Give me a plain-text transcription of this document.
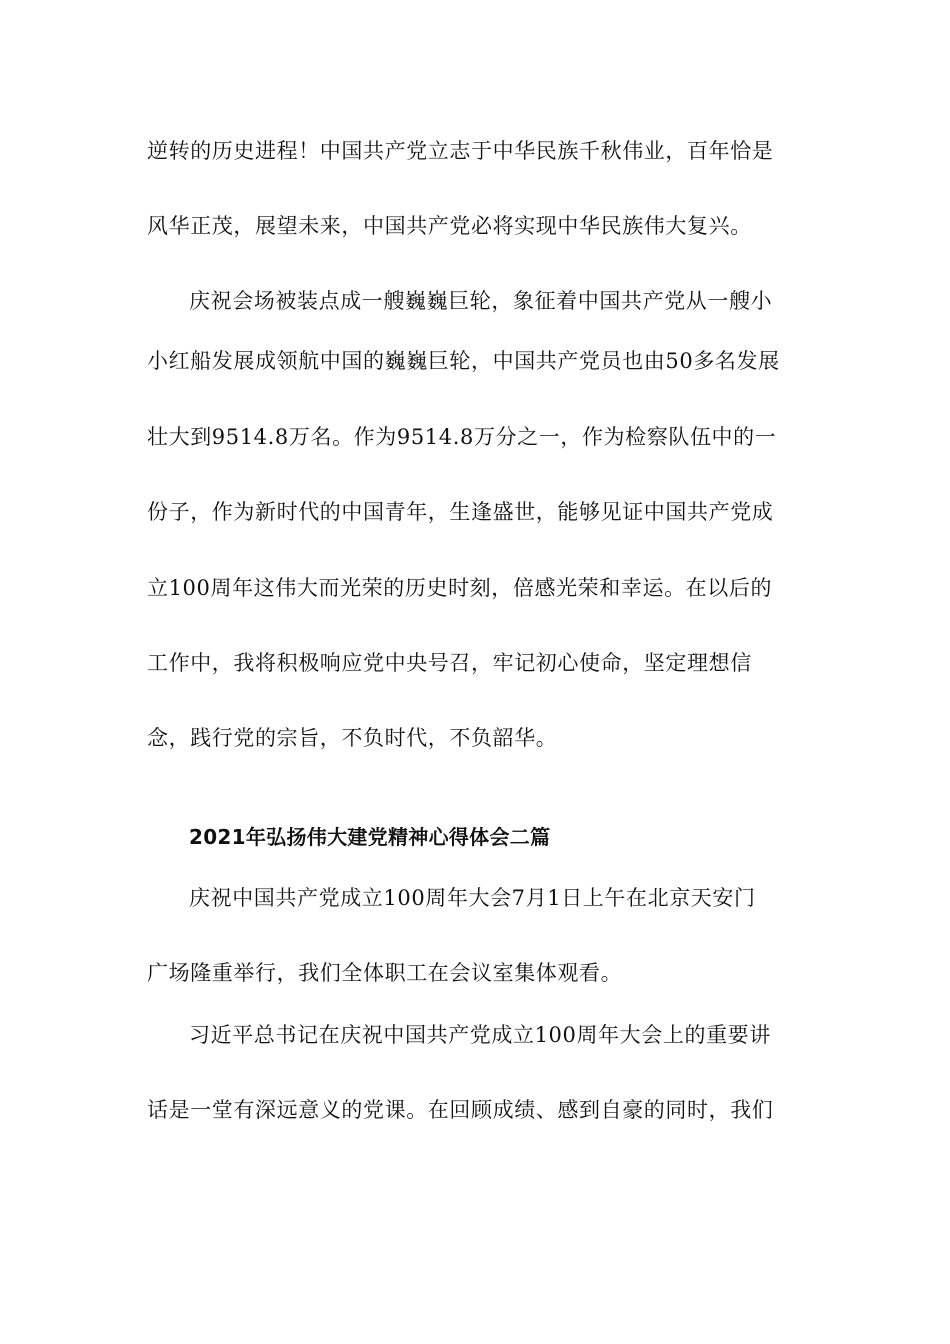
逆转的历史进程！中国共产党立志于中华民族千秋伟业，百年恰是
风华正茂，展望未来，中国共产党必将实现中华民族伟大复兴。
庆祝会场被装点成一艘巍巍巨轮，象征着中国共产党从一艘小
小红船发展成领航中国的巍巍巨轮，中国共产党员也由50多名发展
壮大到9514.8万名。作为9514.8万分之一，作为检察队伍中的一
份子，作为新时代的中国青年，生逢盛世，能够见证中国共产党成
立100周年这伟大而光荣的历史时刻，倍感光荣和幸运。在以后的
工作中，我将积极响应党中央号召，牢记初心使命，坚定理想信
念，践行党的宗旨，不负时代，不负韶华。
2021年弘扬伟大建党精神心得体会二篇
庆祝中国共产党成立100周年大会7月1日上午在北京天安门
广场隆重举行，我们全体职工在会议室集体观看。
习近平总书记在庆祝中国共产党成立100周年大会上的重要讲
话是一堂有深远意义的党课。在回顾成绩、感到自豪的同时，我们
